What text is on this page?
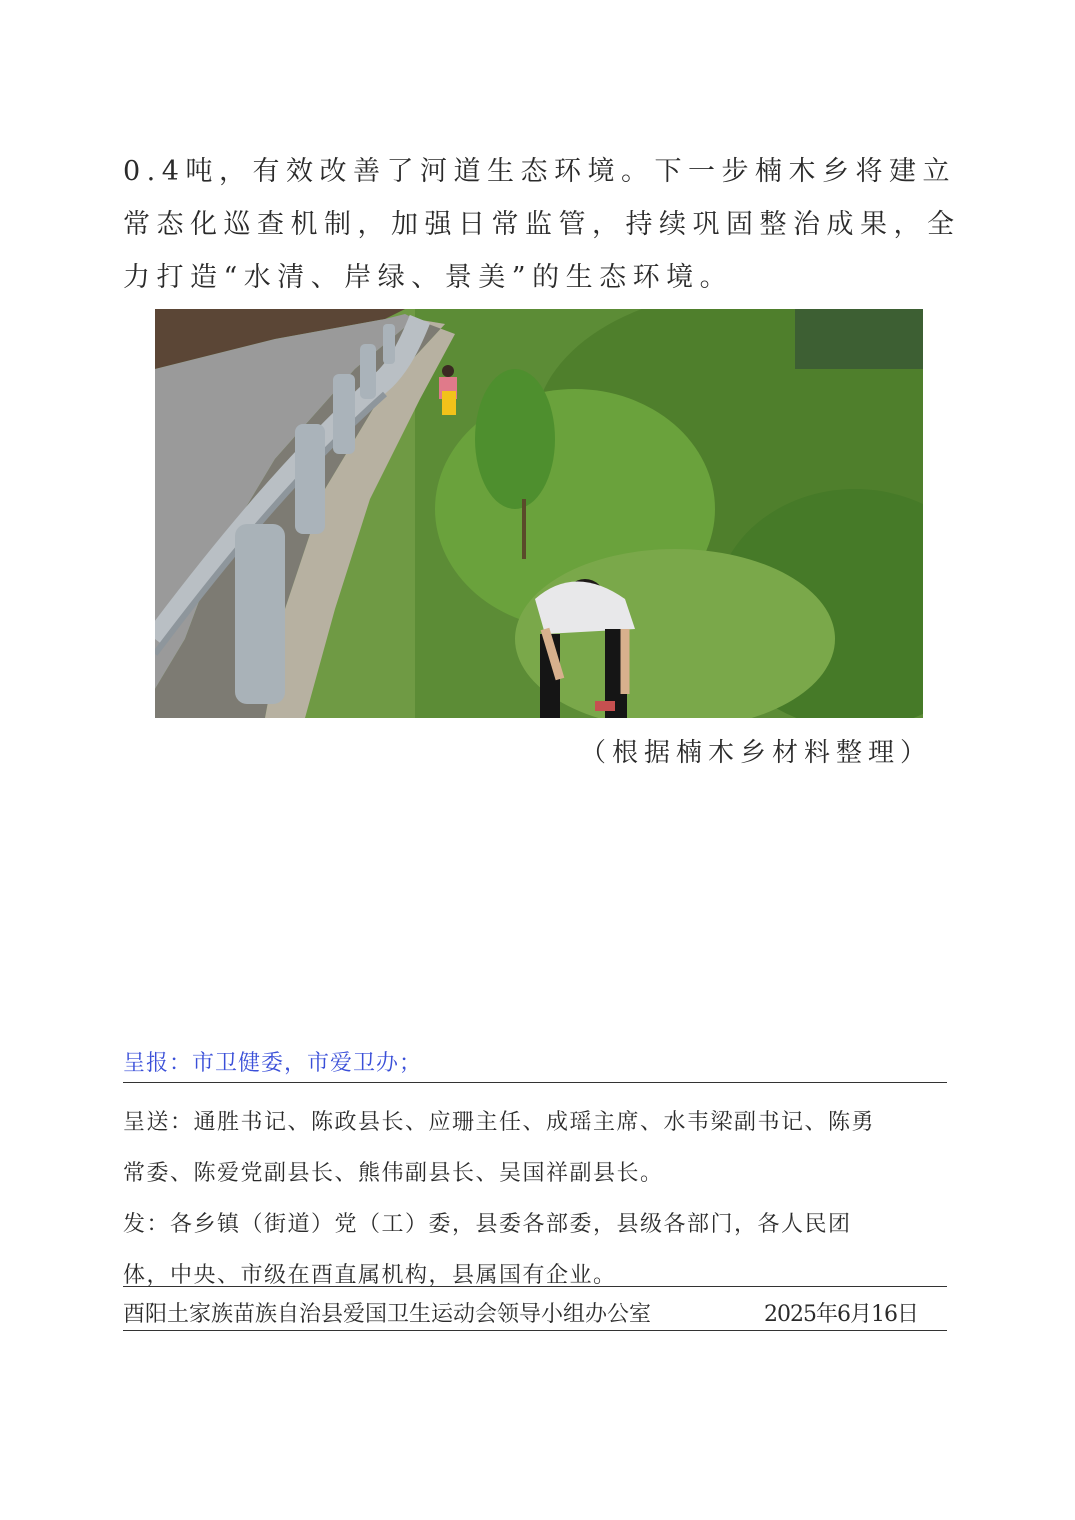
0.4吨，有效改善了河道生态环境。下一步楠木乡将建立

常态化巡查机制，加强日常监管，持续巩固整治成果，全

力打造“水清、岸绿、景美”的生态环境。

（根据楠木乡材料整理）
呈报：市卫健委，市爱卫办；

呈送：通胜书记、陈政县长、应珊主任、成瑶主席、水韦梁副书记、陈勇

常委、陈爱党副县长、熊伟副县长、吴国祥副县长。

发：各乡镇（街道）党（工）委，县委各部委，县级各部门，各人民团

体，中央、市级在酉直属机构，县属国有企业。

酉阳土家族苗族自治县爱国卫生运动会领导小组办公室	2025年6月16日
